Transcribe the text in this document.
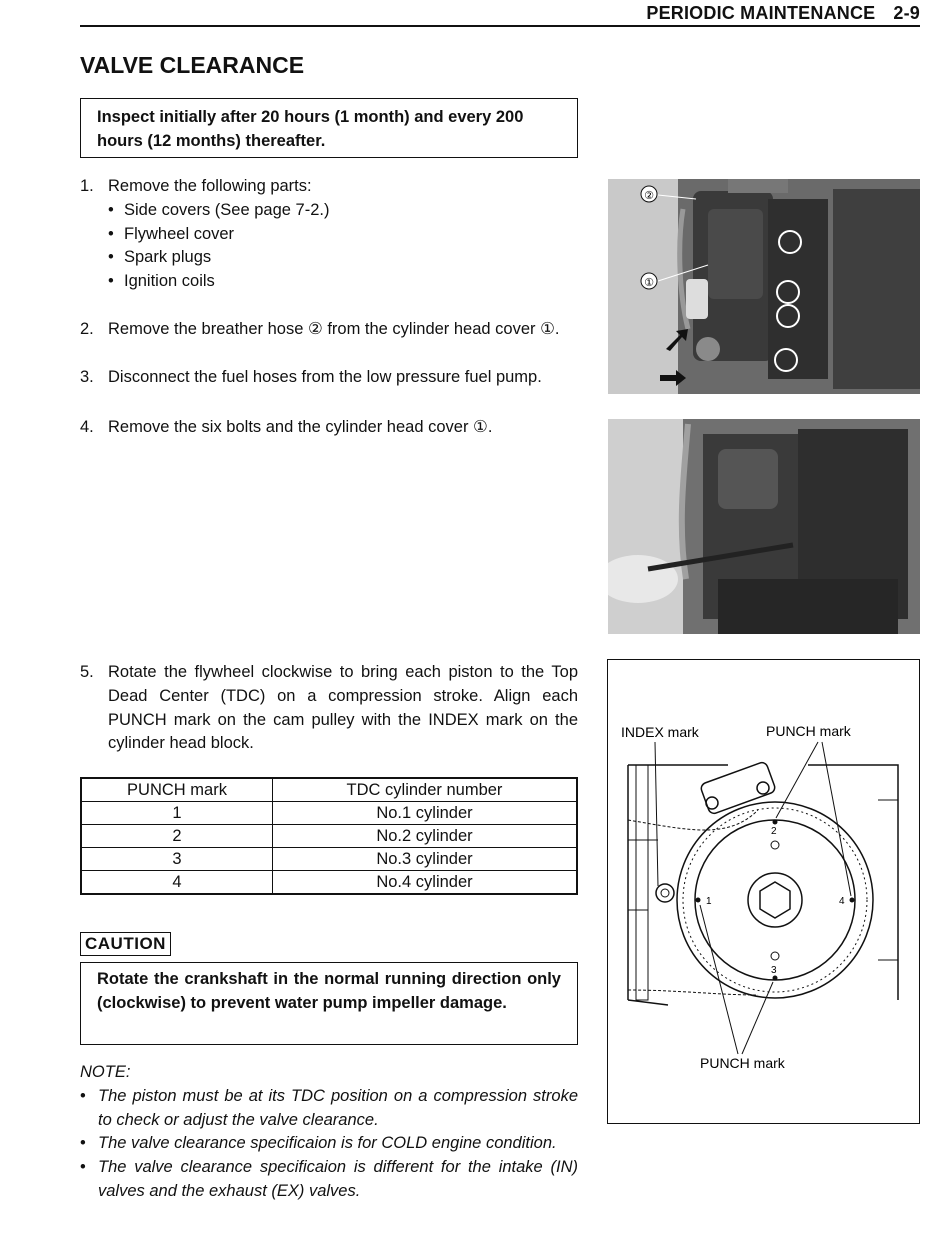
PERIODIC MAINTENANCE 2-9
VALVE CLEARANCE
Inspect initially after 20 hours (1 month) and every 200 hours (12 months) thereafter.
1. Remove the following parts:
• Side covers (See page 7-2.)
• Flywheel cover
• Spark plugs
• Ignition coils
2. Remove the breather hose ② from the cylinder head cover ①.
3. Disconnect the fuel hoses from the low pressure fuel pump.
4. Remove the six bolts and the cylinder head cover ①.
②
①
5. Rotate the flywheel clockwise to bring each piston to the Top Dead Center (TDC) on a compression stroke. Align each PUNCH mark on the cam pulley with the INDEX mark on the cylinder head block.
PUNCH mark	TDC cylinder number
1	No.1 cylinder
2	No.2 cylinder
3	No.3 cylinder
4	No.4 cylinder
CAUTION
Rotate the crankshaft in the normal running direction only (clockwise) to prevent water pump impeller damage.
NOTE:
• The piston must be at its TDC position on a compression stroke to check or adjust the valve clearance.
• The valve clearance specificaion is for COLD engine condition.
• The valve clearance specificaion is different for the intake (IN) valves and the exhaust (EX) valves.
INDEX mark	PUNCH mark
PUNCH mark
1
2
3
4
